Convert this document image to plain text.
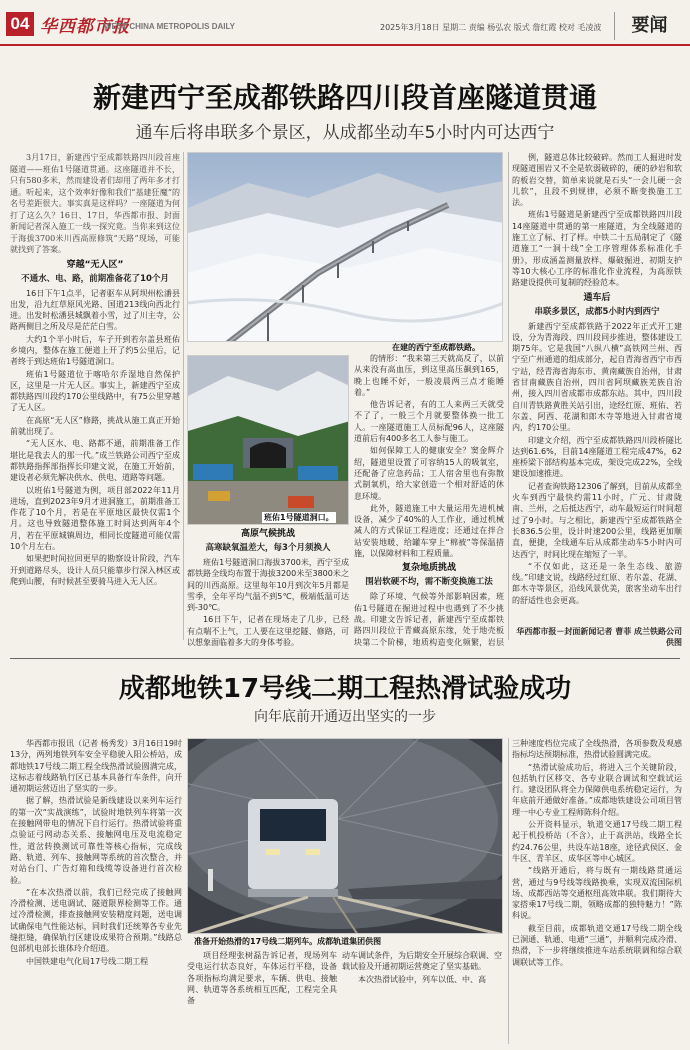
04 华西都市报
WEST CHINA METROPOLIS DAILY	2025年3月18日 星期二 责编 杨弘农 版式 詹红霞 校对 毛凌波	要闻
新建西宁至成都铁路四川段首座隧道贯通
通车后将串联多个景区，从成都坐动车5小时内可达西宁

3月17日，新建西宁至成都铁路四川段首座隧道——班佑1号隧道贯通。这座隧道并不长，只有580多米，然而建设者们却用了两年多才打通。听起来，这个效率好像和我们“基建狂魔”的名号差距很大。事实真是这样吗？一座隧道为何打了这么久？16日、17日，华西都市报、封面新闻记者深入施工一线一探究竟。当你来到这位于海拔3700米川西高原修筑“天路”现场，可能就找到了答案。

穿越“无人区”
不通水、电、路，前期准备花了10个月

16日下午1点半，记者驱车从阿坝州松潘县出发，沿九红草原风光路、国道213线向西北行进。出发时松潘县城飘着小雪，过了川主寺，公路两侧目之所及尽是茫茫白雪。

大约1个半小时后，车子开到若尔盖县班佑乡境内，整体在施工便道上开了约5公里后，记者终于到达班佑1号隧道洞口。

班佑1号隧道位于喀哈尔乔湿地自然保护区，这里是一片无人区。事实上，新建西宁至成都铁路四川段约170公里线路中，有75公里穿越了无人区。

在高原“无人区”修路，挑战从施工真正开始前就出现了。

“无人区水、电、路都不通，前期准备工作堪比是我去人的那一代。”成兰铁路公司西宁至成都铁路指挥部指挥长印建文说，在施工开始前，建设者必须先解决供水、供电、道路等问题。

以班佑1号隧道为例，项目部2022年11月进场，直到2023年9月才进洞施工，前期准备工作花了10个月，若是在平原地区最快仅需1个月。这也导致隧道整体施工时间达到两年4个月，若在平原城镇周边，相同长度隧道可能仅需10个月左右。

如果把时间拉回更早的勘察设计阶段，汽车开到道路尽头，设计人员只能靠步行深入林区或爬到山腰，有时候甚至要骑马进入无人区。

在建的西宁至成都铁路。
班佑1号隧道洞口。
高原气候挑战
高寒缺氧温差大，每3个月须换人

班佑1号隧道洞口海拔3700米，西宁至成都铁路全线均布置于海拔3200米至3800米之间的川西高原。这里每年10月到次年5月都是雪季，全年平均气温不到5℃，极端低温可达到-30℃。

16日下午，记者在现场走了几步，已经有点喘不上气，工人要在这里挖隧、修路，可以想象面临着多大的身体考验。

的情形：“我来第三天就高反了，以前从来没有高血压，到这里高压飙到165，晚上也睡不好，一般凌晨两三点才能睡着。”

他告诉记者，有的工人来两三天就受不了了，一般三个月就要整体换一批工人。一座隧道施工人员标配96人，这座隧道前后有400多名工人参与施工。

如何保障工人的健康安全？窦金辉介绍，隧道里设置了可容纳15人的吸氧室，还配备了应急药品；工人宿舍里也有弥散式制氧机，给大家创造一个相对舒适的休息环境。

此外，隧道施工中大量运用先进机械设备，减少了40%的人工作业，通过机械减人的方式保证工程进度；还通过在拌合站安装地暖、给罐车穿上“棉被”等保温措施，以保障材料和工程质量。

复杂地质挑战
围岩软硬不均，需不断变换施工法

除了环境、气候等外部影响因素，班佑1号隧道在掘进过程中也遇到了不少挑战。印建文告诉记者，新建西宁至成都铁路四川段位于青藏高原东缘，处于地壳板块第二个阶梯，地质构造变化频繁，岩层

例，隧道总体比较破碎。然而工人掘进时发现隧道围岩又不全是软弱破碎的，硬的砂岩和软的板岩交替，简单来说就是石头“一会儿硬一会儿软”，且段不到规律，必须不断变换施工工法。

班佑1号隧道是新建西宁至成都铁路四川段14座隧道中贯通的第一座隧道，为全线隧道的施工立了标、打了样。中铁二十五局制定了《隧道施工“一洞十线”全工序管理体系标准化手册》，形成涵盖测量放样、爆破掘进、初期支护等10大核心工序的标准化作业流程，为高原铁路建设提供可复制的经验范本。

通车后
串联多景区，成都5小时内到西宁

新建西宁至成都铁路于2022年正式开工建设，分为青海段、四川段同步推进，整体建设工期75年。它是我国“八纵八横”高铁网兰州、西宁至广州通道的组成部分，起自青海省西宁市西宁站，经青海省海东市、黄南藏族自治州，甘肃省甘南藏族自治州，四川省阿坝藏族羌族自治州，接入四川省成都市成都东站。其中，四川段自川青铁路黄胜关站引出，途经红原、班佑、若尔盖、阿西、花湖和郎木寺等地进入甘肃省境内，约170公里。

印建文介绍，西宁至成都铁路四川段桥隧比达到61.6%，目前14座隧道工程完成47%，62座桥梁下部结构基本完成，架设完成22%，全线建设加速推进。

记者查询铁路12306了解到，目前从成都坐火车到西宁最快约需11小时，广元、甘肃陇南、兰州，之后抵达西宁，动车最短运行时间超过了9小时。与之相比，新建西宁至成都铁路全长836.5公里，设计时速200公里，线路更加顺直，便捷，全线通车后从成都坐动车5小时内可达西宁，时间比现在缩短了一半。

“不仅如此，这还是一条生态线、旅游线。”印建文说，线路经过红原、若尔盖、花湖、郎木寺等景区，沿线风景优美，旅客坐动车出行的舒适性也会更高。

华西都市报－封面新闻记者 曹菲 成兰铁路公司供图
成都地铁17号线二期工程热滑试验成功
向年底前开通迈出坚实的一步

华西都市报讯（记者 杨秀发）3月16日19时13分，两列地铁列车安全平稳驶入阳公桥站，成都地铁17号线二期工程全线热滑试验圆满完成，这标志着线路轨行区已基本具备行车条件，向开通初期运营迈出了坚实的一步。

据了解，热滑试验是新线建设以来列车运行的第一次“实战演练”，试验时地铁列车将第一次在接触网带电的情况下自行运行。热滑试验将重点验证弓网动态关系、接触网电压及电流稳定性，道岔转换测试可靠性等核心指标，完成线路、轨道、列车、接触网等系统的首次整合，并对站台门、广告灯箱和线缆等设备进行首次检验。

“在本次热滑以前，我们已经完成了接触网冷滑检测、送电调试、隧道限界检测等工作。通过冷滑检测，排查接触网安装精度问题，送电调试确保电气性能达标，同时我们还统筹各专业先缝拒缝，确保轨行区建设成果符合预期。”线路总包部机电部长谁体玲介绍道。

中国铁建电气化局17号线二期工程

准备开始热滑的17号线二期列车。成都轨道集团供图

项目经理张树磊告诉记者，现场列车受电运行状态良好，车体运行平稳，设备各项指标均满足要求，车辆、供电、接触网、轨道等各系统相互匹配，工程完全具备

动车调试条件，为后期安全开展综合联调、空载试验及开通初期运营奠定了坚实基础。

本次热滑试验中，列车以低、中、高

三种速度档位完成了全线热滑，各项参数及观感指标均达预期标准，热滑试验圆满完成。

“热滑试验成功后，将进入三个关键阶段，包括轨行区移交、各专业联合调试和空载试运行。建设团队将全力保障供电系统稳定运行，为年底前开通做好准备。”成都地铁建设公司项目管理一中心专业工程师陈科介绍。

公开资料显示，轨道交通17号线二期工程起于机投桥站（不含），止于高洪站，线路全长约24.76公里，共设车站18座，途径武侯区、金牛区、青羊区、成华区等中心城区。

“线路开通后，将与既有一期线路贯通运营，通过与9号线等线路换乘，实现双流国际机场、成都西站等交通枢纽高效串联。我们期待大家搭乘17号线二期，领略成都的独特魅力！”陈科说。

截至目前，成都轨道交通17号线二期全线已洞通、轨通、电通“三通”，并顺利完成冷滑、热滑，下一步将继续推进车站系统联调和综合联调联试等工作。
